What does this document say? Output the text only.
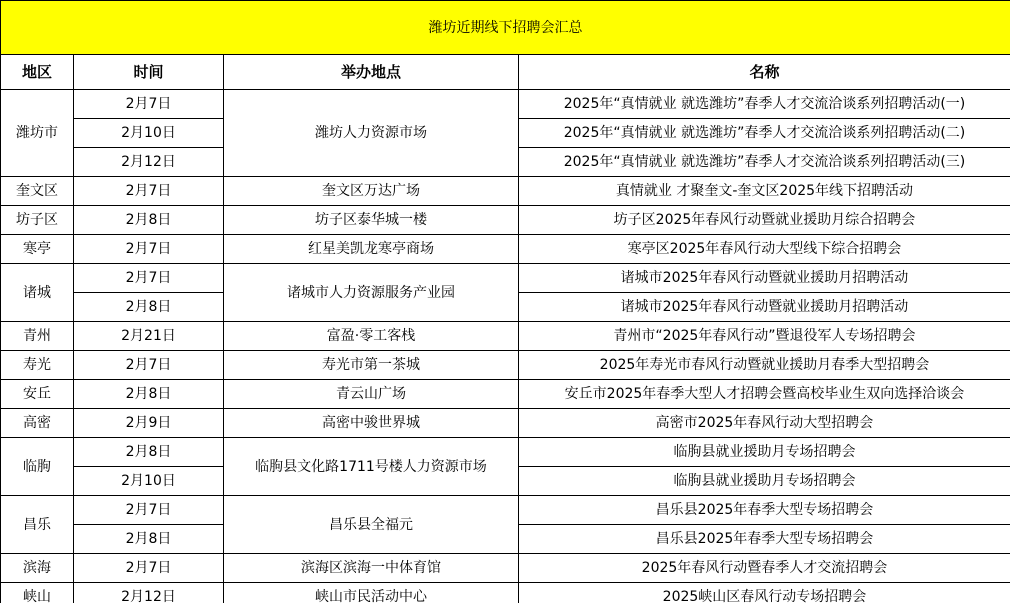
潍坊近期线下招聘会汇总			
地区	时间	举办地点	名称
潍坊市	2月7日	潍坊人力资源市场	2025年“真情就业 就选潍坊”春季人才交流洽谈系列招聘活动(一)
	2月10日		2025年“真情就业 就选潍坊”春季人才交流洽谈系列招聘活动(二)
	2月12日		2025年“真情就业 就选潍坊”春季人才交流洽谈系列招聘活动(三)
奎文区	2月7日	奎文区万达广场	真情就业 才聚奎文-奎文区2025年线下招聘活动
坊子区	2月8日	坊子区泰华城一楼	坊子区2025年春风行动暨就业援助月综合招聘会
寒亭	2月7日	红星美凯龙寒亭商场	寒亭区2025年春风行动大型线下综合招聘会
诸城	2月7日	诸城市人力资源服务产业园	诸城市2025年春风行动暨就业援助月招聘活动
	2月8日		诸城市2025年春风行动暨就业援助月招聘活动
青州	2月21日	富盈·零工客栈	青州市“2025年春风行动”暨退役军人专场招聘会
寿光	2月7日	寿光市第一茶城	2025年寿光市春风行动暨就业援助月春季大型招聘会
安丘	2月8日	青云山广场	安丘市2025年春季大型人才招聘会暨高校毕业生双向选择洽谈会
高密	2月9日	高密中骏世界城	高密市2025年春风行动大型招聘会
临朐	2月8日	临朐县文化路1711号楼人力资源市场	临朐县就业援助月专场招聘会
	2月10日		临朐县就业援助月专场招聘会
昌乐	2月7日	昌乐县全福元	昌乐县2025年春季大型专场招聘会
	2月8日		昌乐县2025年春季大型专场招聘会
滨海	2月7日	滨海区滨海一中体育馆	2025年春风行动暨春季人才交流招聘会
峡山	2月12日	峡山市民活动中心	2025峡山区春风行动专场招聘会
